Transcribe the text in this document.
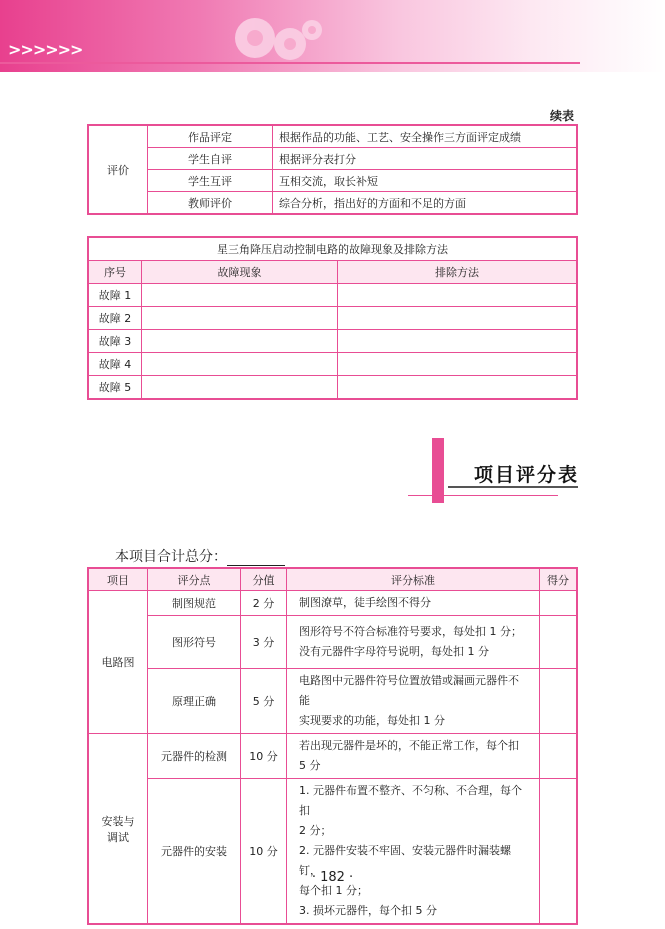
>>>>>>
续表
评价	作品评定	根据作品的功能、工艺、安全操作三方面评定成绩
	学生自评	根据评分表打分
	学生互评	互相交流，取长补短
	教师评价	综合分析，指出好的方面和不足的方面
星三角降压启动控制电路的故障现象及排除方法		
序号	故障现象	排除方法
故障 1		
故障 2		
故障 3		
故障 4		
故障 5		
项目评分表
本项目合计总分：
项目	评分点	分值	评分标准	得分
电路图	制图规范	2 分	制图潦草，徒手绘图不得分	

	图形符号	3 分	图形符号不符合标准符号要求，每处扣 1 分；
没有元器件字母符号说明，每处扣 1 分	

	原理正确	5 分	电路图中元器件符号位置放错或漏画元器件不能
实现要求的功能，每处扣 1 分	

安装与
调试	元器件的检测	10 分	若出现元器件是坏的，不能正常工作，每个扣 5 分	

	元器件的安装	10 分	1. 元器件布置不整齐、不匀称、不合理，每个扣
2 分；
2. 元器件安装不牢固、安装元器件时漏装螺钉，
每个扣 1 分；
3. 损坏元器件，每个扣 5 分	

· 182 ·
